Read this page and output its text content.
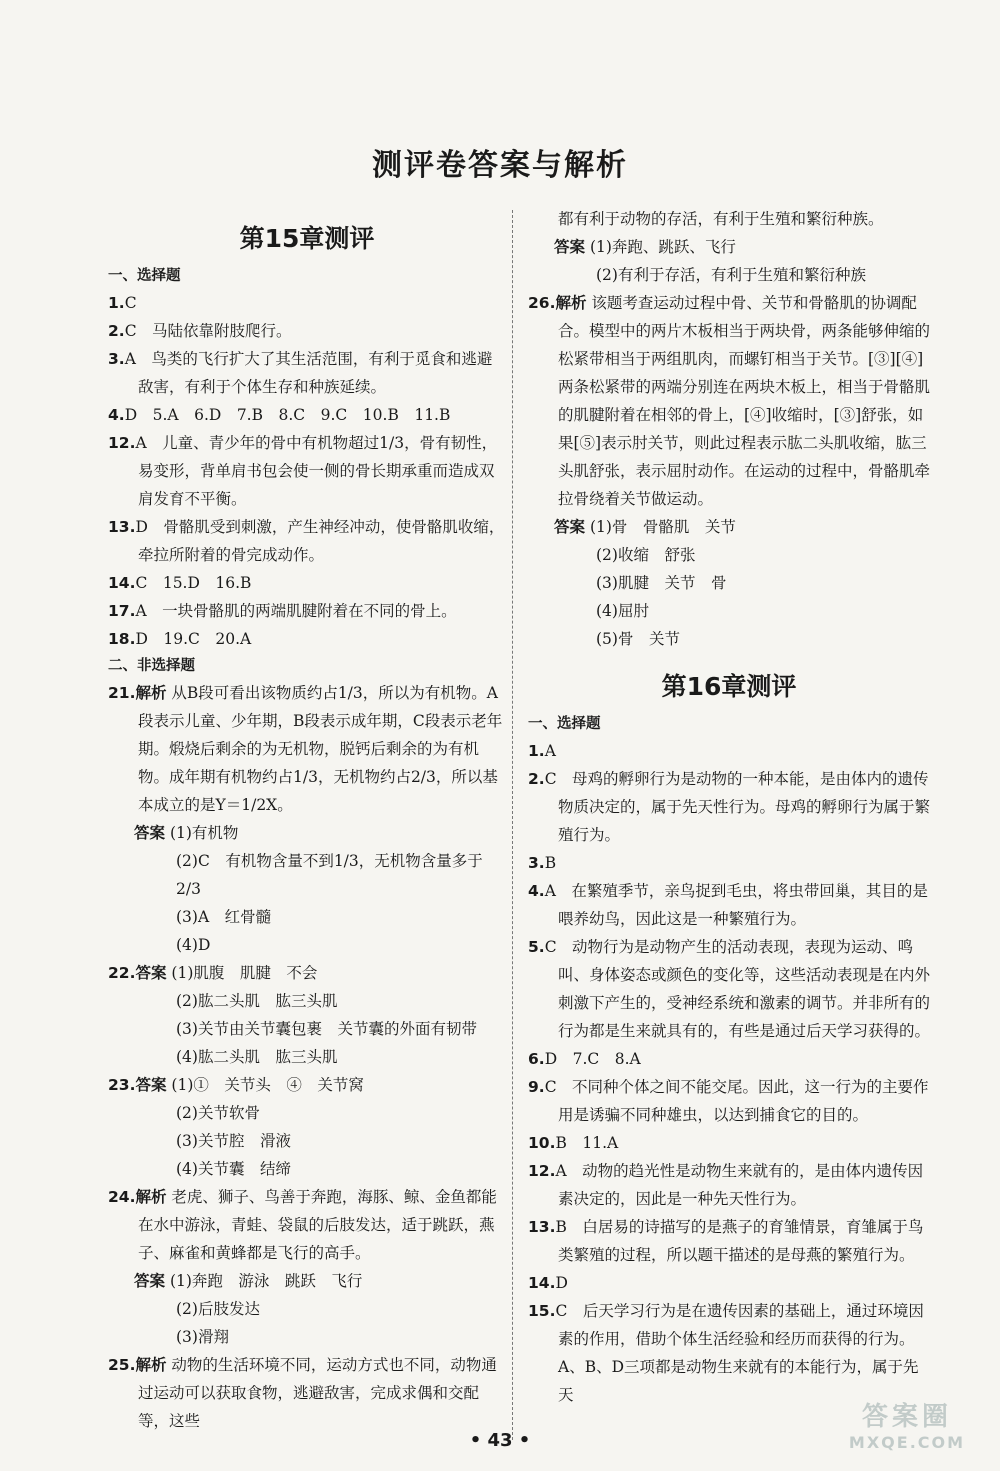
测评卷答案与解析
第15章测评
一、选择题
1.C
2.C　马陆依靠附肢爬行。
3.A　鸟类的飞行扩大了其生活范围，有利于觅食和逃避敌害，有利于个体生存和种族延续。
4.D　5.A　6.D　7.B　8.C　9.C　10.B　11.B
12.A　儿童、青少年的骨中有机物超过1/3，骨有韧性，易变形，背单肩书包会使一侧的骨长期承重而造成双肩发育不平衡。
13.D　骨骼肌受到刺激，产生神经冲动，使骨骼肌收缩，牵拉所附着的骨完成动作。
14.C　15.D　16.B
17.A　一块骨骼肌的两端肌腱附着在不同的骨上。
18.D　19.C　20.A
二、非选择题
21.解析 从B段可看出该物质约占1/3，所以为有机物。A段表示儿童、少年期，B段表示成年期，C段表示老年期。煅烧后剩余的为无机物，脱钙后剩余的为有机物。成年期有机物约占1/3，无机物约占2/3，所以基本成立的是Y＝1/2X。
答案 (1)有机物
(2)C　有机物含量不到1/3，无机物含量多于2/3
(3)A　红骨髓
(4)D
22.答案 (1)肌腹　肌腱　不会
(2)肱二头肌　肱三头肌
(3)关节由关节囊包裹　关节囊的外面有韧带
(4)肱二头肌　肱三头肌
23.答案 (1)①　关节头　④　关节窝
(2)关节软骨
(3)关节腔　滑液
(4)关节囊　结缔
24.解析 老虎、狮子、鸟善于奔跑，海豚、鲸、金鱼都能在水中游泳，青蛙、袋鼠的后肢发达，适于跳跃，燕子、麻雀和黄蜂都是飞行的高手。
答案 (1)奔跑　游泳　跳跃　飞行
(2)后肢发达
(3)滑翔
25.解析 动物的生活环境不同，运动方式也不同，动物通过运动可以获取食物，逃避敌害，完成求偶和交配等，这些
都有利于动物的存活，有利于生殖和繁衍种族。
答案 (1)奔跑、跳跃、飞行
(2)有利于存活，有利于生殖和繁衍种族
26.解析 该题考查运动过程中骨、关节和骨骼肌的协调配合。模型中的两片木板相当于两块骨，两条能够伸缩的松紧带相当于两组肌肉，而螺钉相当于关节。[③][④]两条松紧带的两端分别连在两块木板上，相当于骨骼肌的肌腱附着在相邻的骨上，[④]收缩时，[③]舒张，如果[⑤]表示肘关节，则此过程表示肱二头肌收缩，肱三头肌舒张，表示屈肘动作。在运动的过程中，骨骼肌牵拉骨绕着关节做运动。
答案 (1)骨　骨骼肌　关节
(2)收缩　舒张
(3)肌腱　关节　骨
(4)屈肘
(5)骨　关节
第16章测评
一、选择题
1.A
2.C　母鸡的孵卵行为是动物的一种本能，是由体内的遗传物质决定的，属于先天性行为。母鸡的孵卵行为属于繁殖行为。
3.B
4.A　在繁殖季节，亲鸟捉到毛虫，将虫带回巢，其目的是喂养幼鸟，因此这是一种繁殖行为。
5.C　动物行为是动物产生的活动表现，表现为运动、鸣叫、身体姿态或颜色的变化等，这些活动表现是在内外刺激下产生的，受神经系统和激素的调节。并非所有的行为都是生来就具有的，有些是通过后天学习获得的。
6.D　7.C　8.A
9.C　不同种个体之间不能交尾。因此，这一行为的主要作用是诱骗不同种雄虫，以达到捕食它的目的。
10.B　11.A
12.A　动物的趋光性是动物生来就有的，是由体内遗传因素决定的，因此是一种先天性行为。
13.B　白居易的诗描写的是燕子的育雏情景，育雏属于鸟类繁殖的过程，所以题干描述的是母燕的繁殖行为。
14.D
15.C　后天学习行为是在遗传因素的基础上，通过环境因素的作用，借助个体生活经验和经历而获得的行为。A、B、D三项都是动物生来就有的本能行为，属于先天
• 43 •
答案圈
MXQE.COM
